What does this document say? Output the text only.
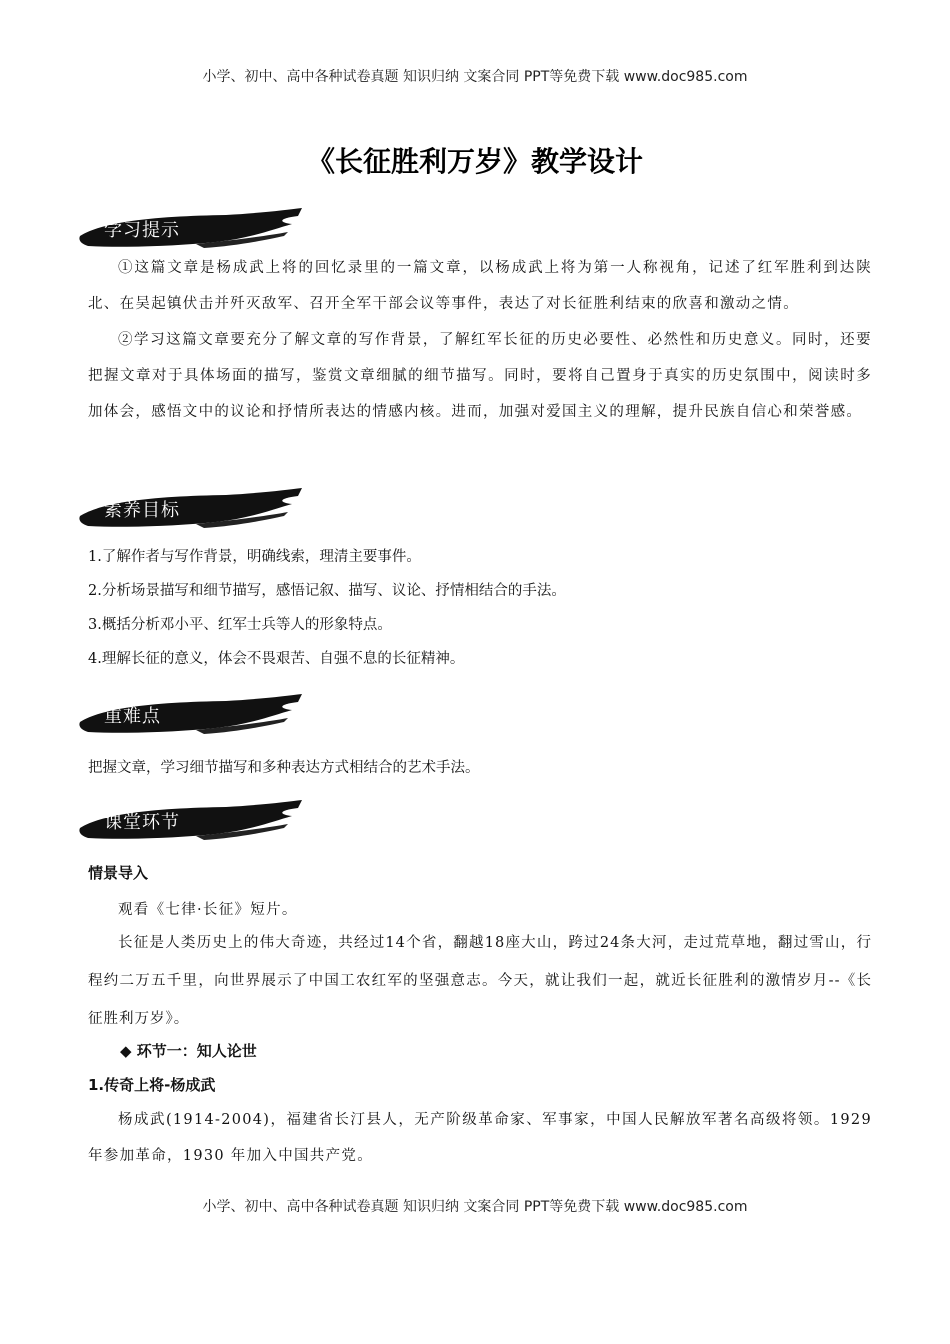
小学、初中、高中各种试卷真题 知识归纳 文案合同 PPT等免费下载 www.doc985.com
《长征胜利万岁》教学设计
学习提示

①这篇文章是杨成武上将的回忆录里的一篇文章，以杨成武上将为第一人称视角，记述了红军胜利到达陕北、在吴起镇伏击并歼灭敌军、召开全军干部会议等事件，表达了对长征胜利结束的欣喜和激动之情。

②学习这篇文章要充分了解文章的写作背景，了解红军长征的历史必要性、必然性和历史意义。同时，还要把握文章对于具体场面的描写，鉴赏文章细腻的细节描写。同时，要将自己置身于真实的历史氛围中，阅读时多加体会，感悟文中的议论和抒情所表达的情感内核。进而，加强对爱国主义的理解，提升民族自信心和荣誉感。

素养目标
1.了解作者与写作背景，明确线索，理清主要事件。
2.分析场景描写和细节描写，感悟记叙、描写、议论、抒情相结合的手法。
3.概括分析邓小平、红军士兵等人的形象特点。
4.理解长征的意义，体会不畏艰苦、自强不息的长征精神。
重难点

把握文章，学习细节描写和多种表达方式相结合的艺术手法。

课堂环节
情景导入

观看《七律·长征》短片。

长征是人类历史上的伟大奇迹，共经过14个省，翻越18座大山，跨过24条大河，走过荒草地，翻过雪山，行程约二万五千里，向世界展示了中国工农红军的坚强意志。今天，就让我们一起，就近长征胜利的激情岁月--《长征胜利万岁》。

◆ 环节一：知人论世
1.传奇上将-杨成武

杨成武(1914-2004)，福建省长汀县人，无产阶级革命家、军事家，中国人民解放军著名高级将领。1929 年参加革命，1930 年加入中国共产党。

小学、初中、高中各种试卷真题 知识归纳 文案合同 PPT等免费下载 www.doc985.com
